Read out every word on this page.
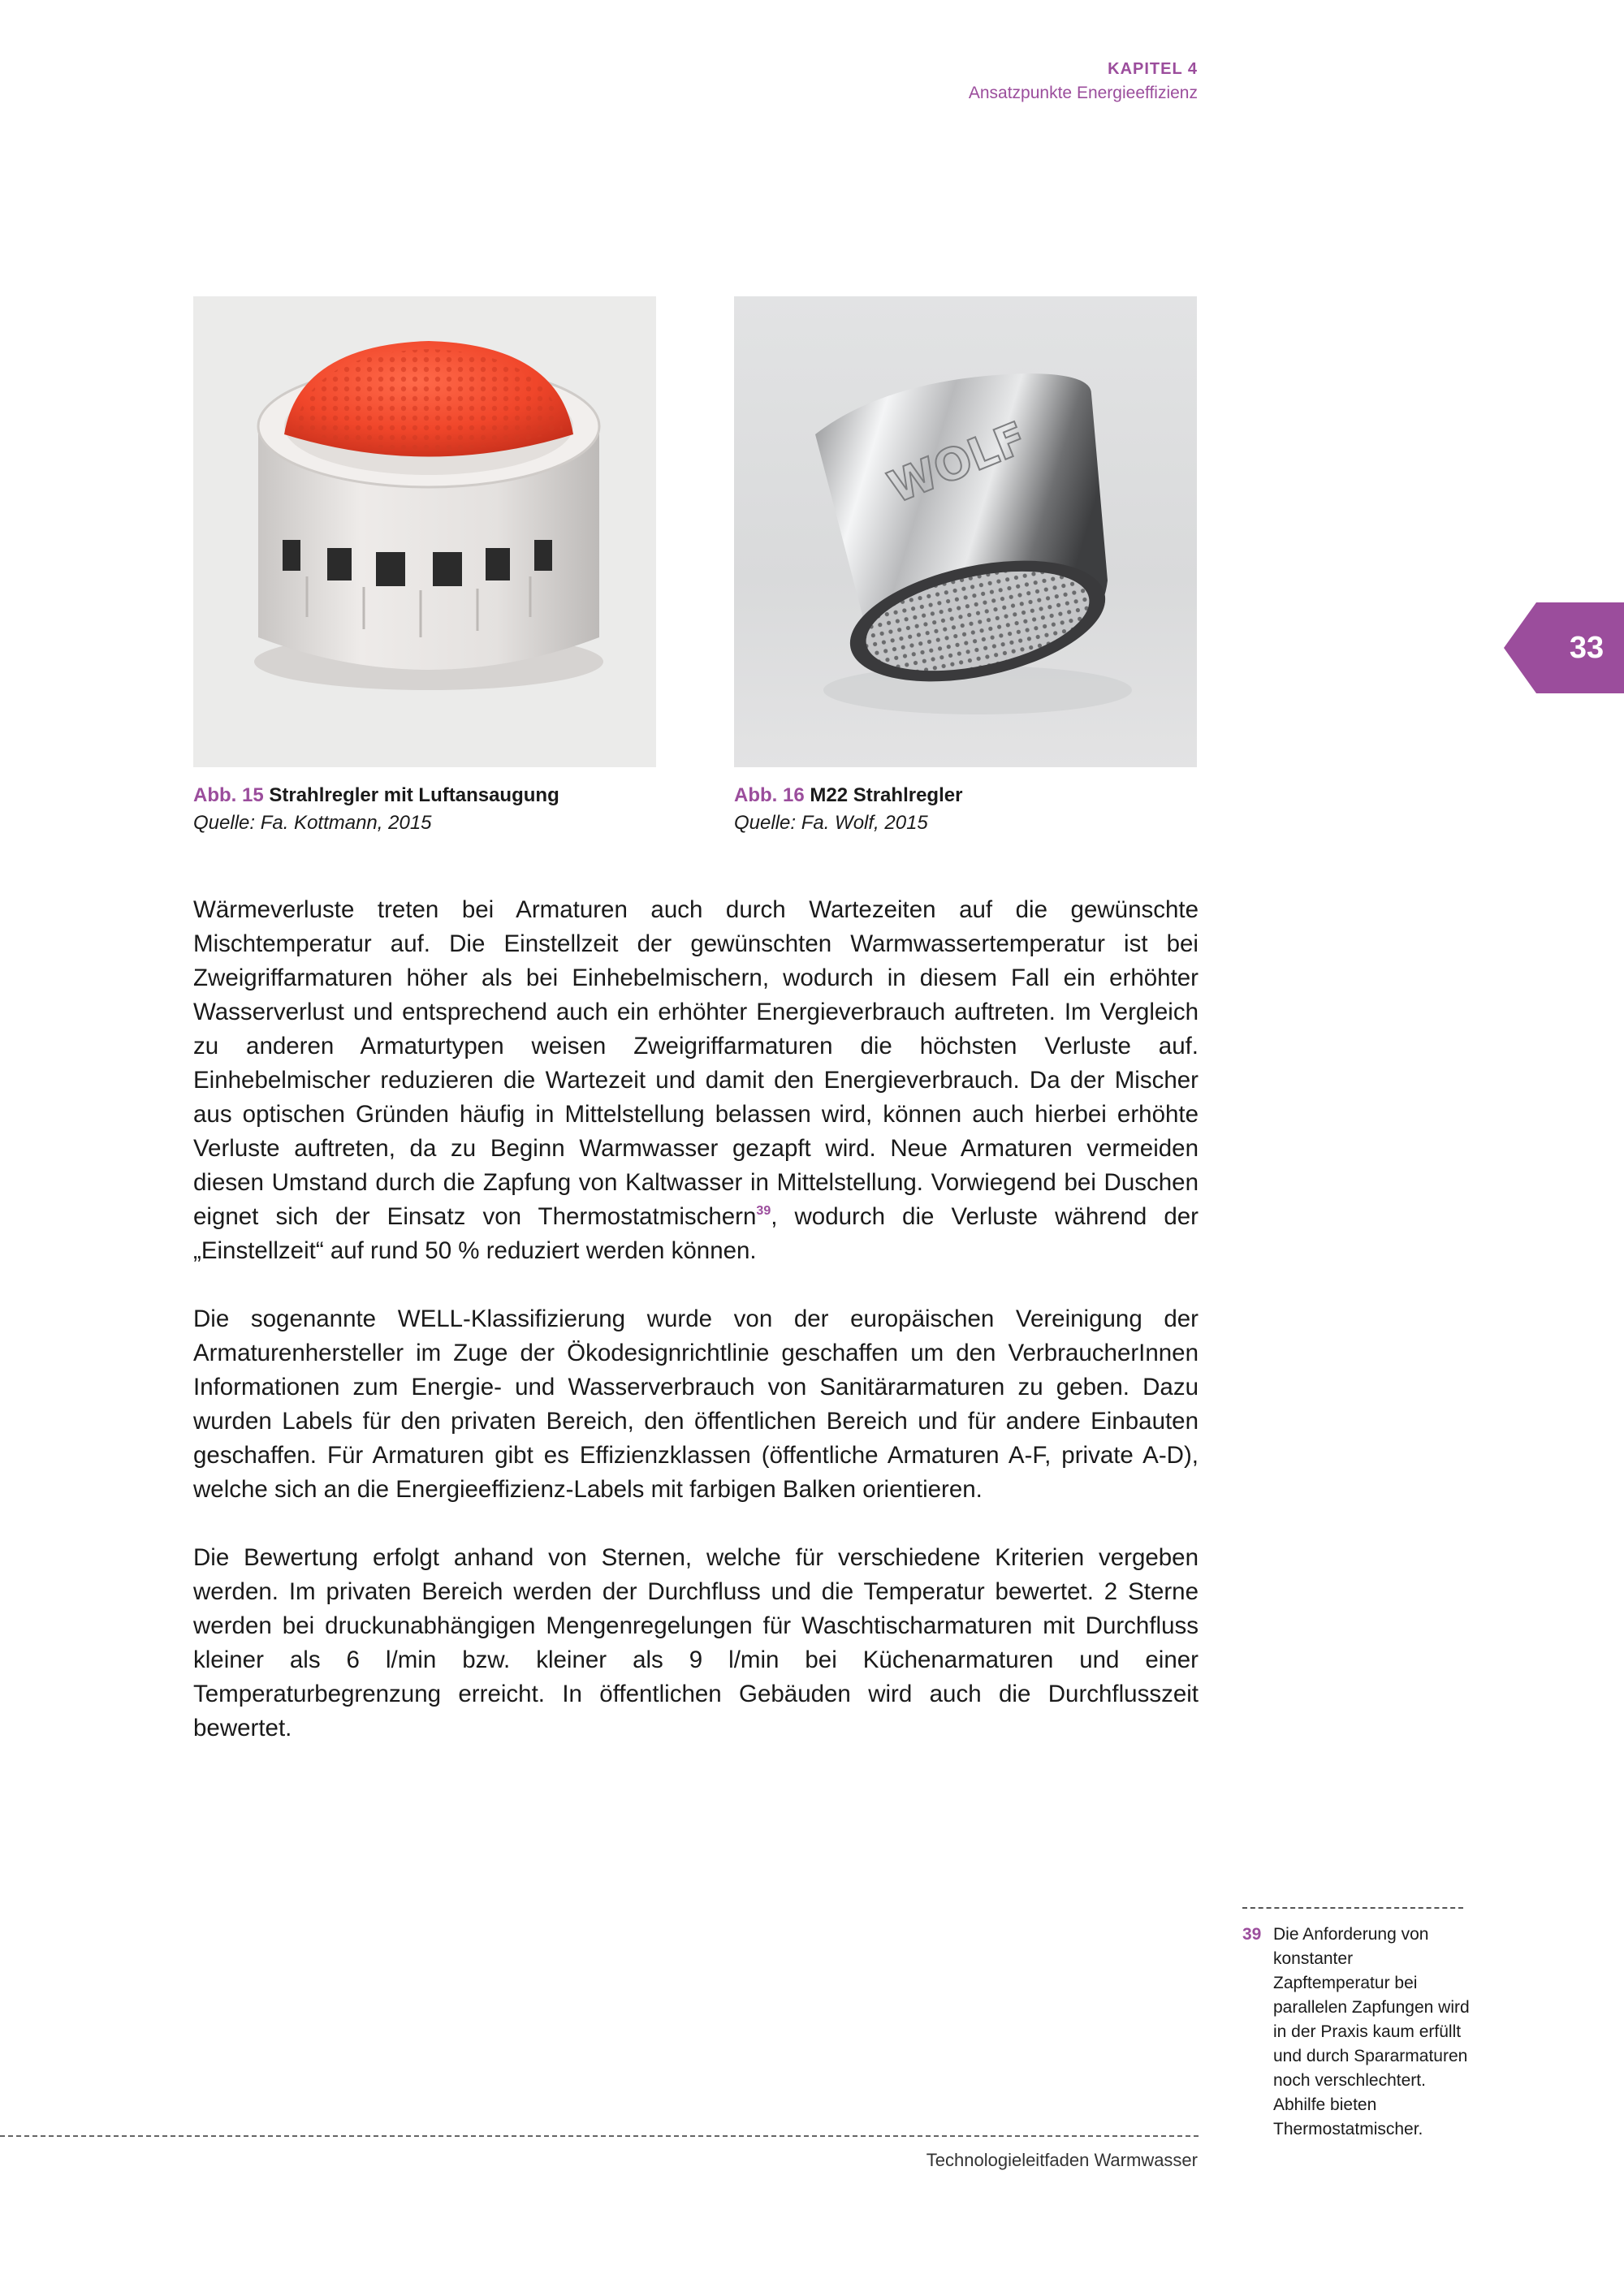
KAPITEL 4
Ansatzpunkte Energieeffizienz
WOLF
Abb. 15 Strahlregler mit Luftansaugung
Quelle: Fa. Kottmann, 2015
Abb. 16 M22 Strahlregler
Quelle: Fa. Wolf, 2015

Wärmeverluste treten bei Armaturen auch durch Wartezeiten auf die gewünschte Mischtemperatur auf. Die Einstellzeit der gewünschten Warmwassertemperatur ist bei Zweigriffarmaturen höher als bei Einhebelmischern, wodurch in diesem Fall ein erhöhter Wasserverlust und entsprechend auch ein erhöhter Energieverbrauch auftreten. Im Vergleich zu anderen Armaturtypen weisen Zweigriffarmaturen die höchsten Verluste auf. Einhebelmischer reduzieren die Wartezeit und damit den Energieverbrauch. Da der Mischer aus optischen Gründen häufig in Mittelstellung belassen wird, können auch hierbei erhöhte Verluste auftreten, da zu Beginn Warmwasser gezapft wird. Neue Armaturen vermeiden diesen Umstand durch die Zapfung von Kaltwasser in Mittelstellung. Vorwiegend bei Duschen eignet sich der Einsatz von Thermostatmischern$^{39}$, wodurch die Verluste während der „Einstellzeit“ auf rund 50 % reduziert werden können.

Die sogenannte WELL-Klassifizierung wurde von der europäischen Vereinigung der Armaturenhersteller im Zuge der Ökodesignrichtlinie geschaffen um den VerbraucherInnen Informationen zum Energie- und Wasserverbrauch von Sanitärarmaturen zu geben. Dazu wurden Labels für den privaten Bereich, den öffentlichen Bereich und für andere Einbauten geschaffen. Für Armaturen gibt es Effizienzklassen (öffentliche Armaturen A-F, private A-D), welche sich an die Energieeffizienz-Labels mit farbigen Balken orientieren.

Die Bewertung erfolgt anhand von Sternen, welche für verschiedene Kriterien vergeben werden. Im privaten Bereich werden der Durchfluss und die Temperatur bewertet. 2 Sterne werden bei druckunabhängigen Mengenregelungen für Waschtischarmaturen mit Durchfluss kleiner als 6 l/min bzw. kleiner als 9 l/min bei Küchenarmaturen und einer Temperaturbegrenzung erreicht. In öffentlichen Gebäuden wird auch die Durchflusszeit bewertet.

33
39 Die Anforderung von konstanter Zapftemperatur bei parallelen Zapfungen wird in der Praxis kaum erfüllt und durch Spararmaturen noch verschlechtert. Abhilfe bieten Thermostatmischer.
Technologieleitfaden Warmwasser
